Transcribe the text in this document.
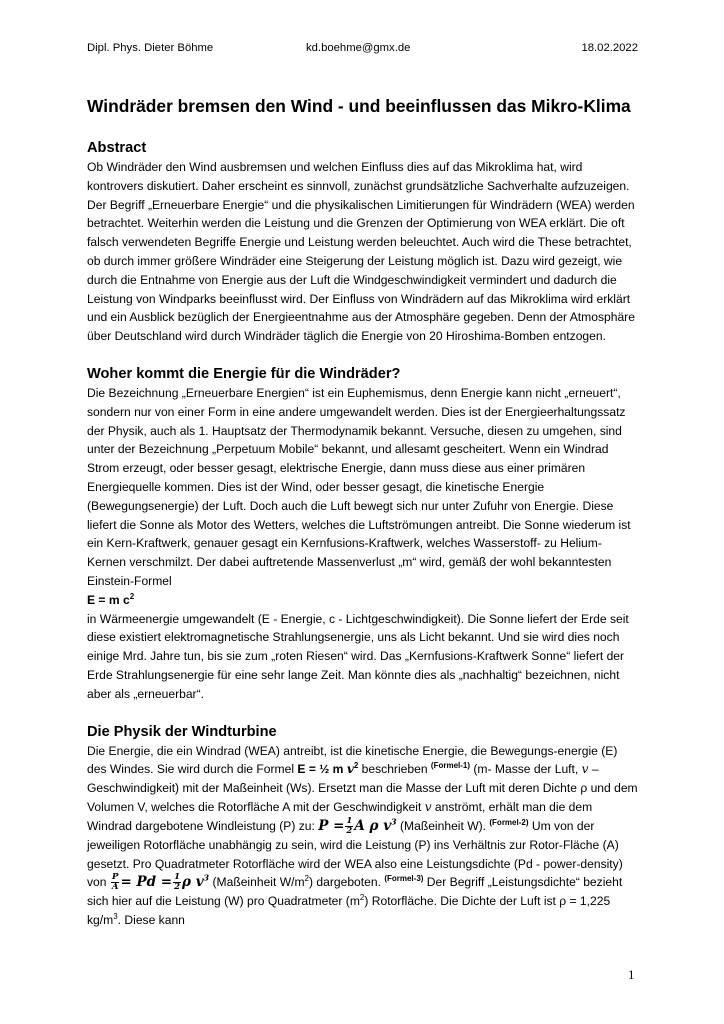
Dipl. Phys. Dieter Böhme	kd.boehme@gmx.de	18.02.2022
Windräder bremsen den Wind - und beeinflussen das Mikro-Klima
Abstract

Ob Windräder den Wind ausbremsen und welchen Einfluss dies auf das Mikroklima hat, wird kontrovers diskutiert. Daher erscheint es sinnvoll, zunächst grundsätzliche Sachverhalte aufzuzeigen. Der Begriff „Erneuerbare Energie“ und die physikalischen Limitierungen für Windrädern (WEA) werden betrachtet. Weiterhin werden die Leistung und die Grenzen der Optimierung von WEA erklärt. Die oft falsch verwendeten Begriffe Energie und Leistung werden beleuchtet. Auch wird die These betrachtet, ob durch immer größere Windräder eine Steigerung der Leistung möglich ist. Dazu wird gezeigt, wie durch die Entnahme von Energie aus der Luft die Windgeschwindigkeit vermindert und dadurch die Leistung von Windparks beeinflusst wird. Der Einfluss von Windrädern auf das Mikroklima wird erklärt und ein Ausblick bezüglich der Energieentnahme aus der Atmosphäre gegeben. Denn der Atmosphäre über Deutschland wird durch Windräder täglich die Energie von 20 Hiroshima-Bomben entzogen.

Woher kommt die Energie für die Windräder?

Die Bezeichnung „Erneuerbare Energien“ ist ein Euphemismus, denn Energie kann nicht „erneuert“, sondern nur von einer Form in eine andere umgewandelt werden. Dies ist der Energieerhaltungssatz der Physik, auch als 1. Hauptsatz der Thermodynamik bekannt. Versuche, diesen zu umgehen, sind unter der Bezeichnung „Perpetuum Mobile“ bekannt, und allesamt gescheitert. Wenn ein Windrad Strom erzeugt, oder besser gesagt, elektrische Energie, dann muss diese aus einer primären Energiequelle kommen. Dies ist der Wind, oder besser gesagt, die kinetische Energie (Bewegungsenergie) der Luft. Doch auch die Luft bewegt sich nur unter Zufuhr von Energie. Diese liefert die Sonne als Motor des Wetters, welches die Luftströmungen antreibt. Die Sonne wiederum ist ein Kern-Kraftwerk, genauer gesagt ein Kernfusions-Kraftwerk, welches Wasserstoff- zu Helium-Kernen verschmilzt. Der dabei auftretende Massenverlust „m“ wird, gemäß der wohl bekanntesten Einstein-Formel

E = m $c^2$

in Wärmeenergie umgewandelt (E - Energie, c - Lichtgeschwindigkeit). Die Sonne liefert der Erde seit diese existiert elektromagnetische Strahlungsenergie, uns als Licht bekannt. Und sie wird dies noch einige Mrd. Jahre tun, bis sie zum „roten Riesen“ wird. Das „Kernfusions-Kraftwerk Sonne“ liefert der Erde Strahlungsenergie für eine sehr lange Zeit. Man könnte dies als „nachhaltig“ bezeichnen, nicht aber als „erneuerbar“.

Die Physik der Windturbine

Die Energie, die ein Windrad (WEA) antreibt, ist die kinetische Energie, die Bewegungs-energie (E) des Windes. Sie wird durch die Formel E = ½ m $v^2$ beschrieben $^{(Formel-1)}$ (m- Masse der Luft, v – Geschwindigkeit) mit der Maßeinheit (Ws). Ersetzt man die Masse der Luft mit deren Dichte ρ und dem Volumen V, welches die Rotorfläche A mit der Geschwindigkeit v anströmt, erhält man die dem Windrad dargebotene Windleistung (P) zu: $P = \frac{1}{2}$ A ρ $v^3$ (Maßeinheit W). $^{(Formel-2)}$ Um von der jeweiligen Rotorfläche unabhängig zu sein, wird die Leistung (P) ins Verhältnis zur Rotor-Fläche (A) gesetzt. Pro Quadratmeter Rotorfläche wird der WEA also eine Leistungsdichte (Pd - power-density) von $\frac{P}{A} = Pd = \frac{1}{2}$ ρ $v^3$ (Maßeinheit $W/m^2$) dargeboten. $^{(Formel-3)}$ Der Begriff „Leistungsdichte“ bezieht sich hier auf die Leistung (W) pro Quadratmeter $(m^2)$ Rotorfläche. Die Dichte der Luft ist ρ = 1,225 $kg/m^3$. Diese kann

1
